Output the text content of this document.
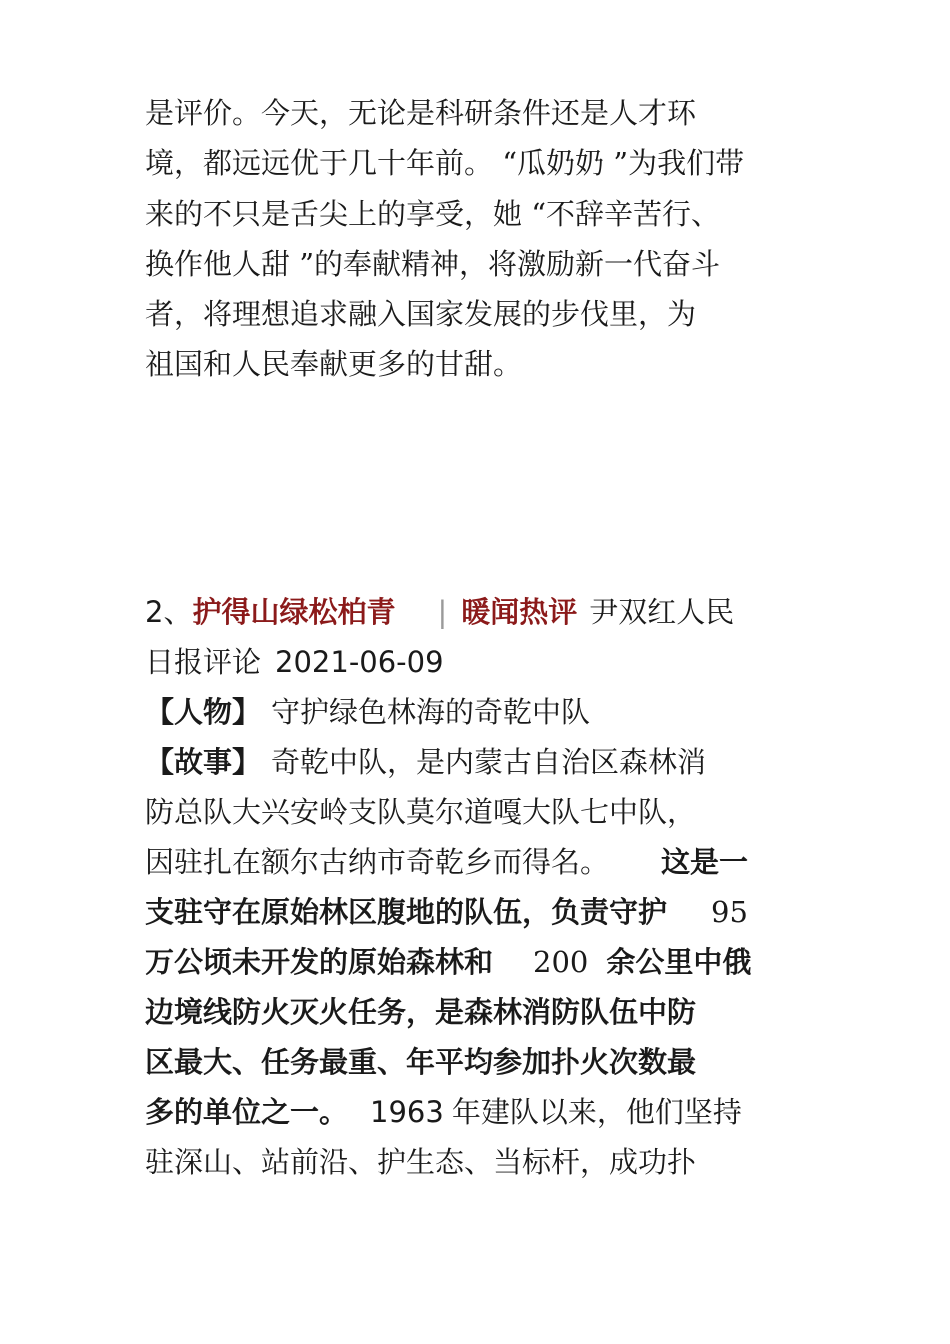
是评价。今天，无论是科研条件还是人才环
境，都远远优于几十年前。 “瓜奶奶 ”为我们带
来的不只是舌尖上的享受，她 “不辞辛苦行、
换作他人甜 ”的奉献精神，将激励新一代奋斗
者，将理想追求融入国家发展的步伐里，为
祖国和人民奉献更多的甘甜。
2、护得山绿松柏青 | 暖闻热评 尹双红人民
日报评论 2021-06-09
【人物】 守护绿色林海的奇乾中队
【故事】 奇乾中队，是内蒙古自治区森林消
防总队大兴安岭支队莫尔道嘎大队七中队，
因驻扎在额尔古纳市奇乾乡而得名。 这是一
支驻守在原始林区腹地的队伍，负责守护 95
万公顷未开发的原始森林和 200 余公里中俄
边境线防火灭火任务，是森林消防队伍中防
区最大、任务最重、年平均参加扑火次数最
多的单位之一。 1963 年建队以来，他们坚持
驻深山、站前沿、护生态、当标杆，成功扑
